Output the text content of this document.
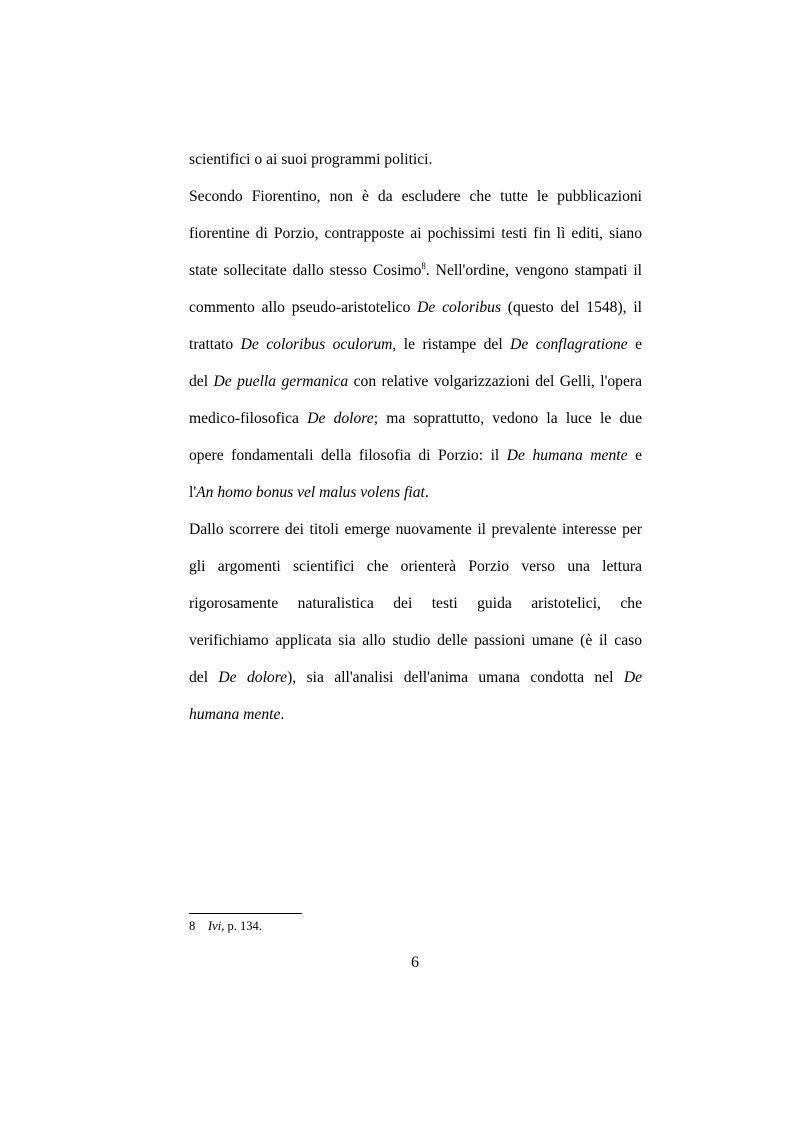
scientifici o ai suoi programmi politici.
Secondo Fiorentino, non è da escludere che tutte le pubblicazioni
fiorentine di Porzio, contrapposte ai pochissimi testi fin lì editi, siano
state sollecitate dallo stesso Cosimo$^8$. Nell'ordine, vengono stampati il
commento allo pseudo-aristotelico De coloribus (questo del 1548), il
trattato De coloribus oculorum, le ristampe del De conflagratione e
del De puella germanica con relative volgarizzazioni del Gelli, l'opera
medico-filosofica De dolore; ma soprattutto, vedono la luce le due
opere fondamentali della filosofia di Porzio: il De humana mente e
l'An homo bonus vel malus volens fiat.
Dallo scorrere dei titoli emerge nuovamente il prevalente interesse per
gli argomenti scientifici che orienterà Porzio verso una lettura
rigorosamente naturalistica dei testi guida aristotelici, che
verifichiamo applicata sia allo studio delle passioni umane (è il caso
del De dolore), sia all'analisi dell'anima umana condotta nel De
humana mente.
8 Ivi, p. 134.
6
